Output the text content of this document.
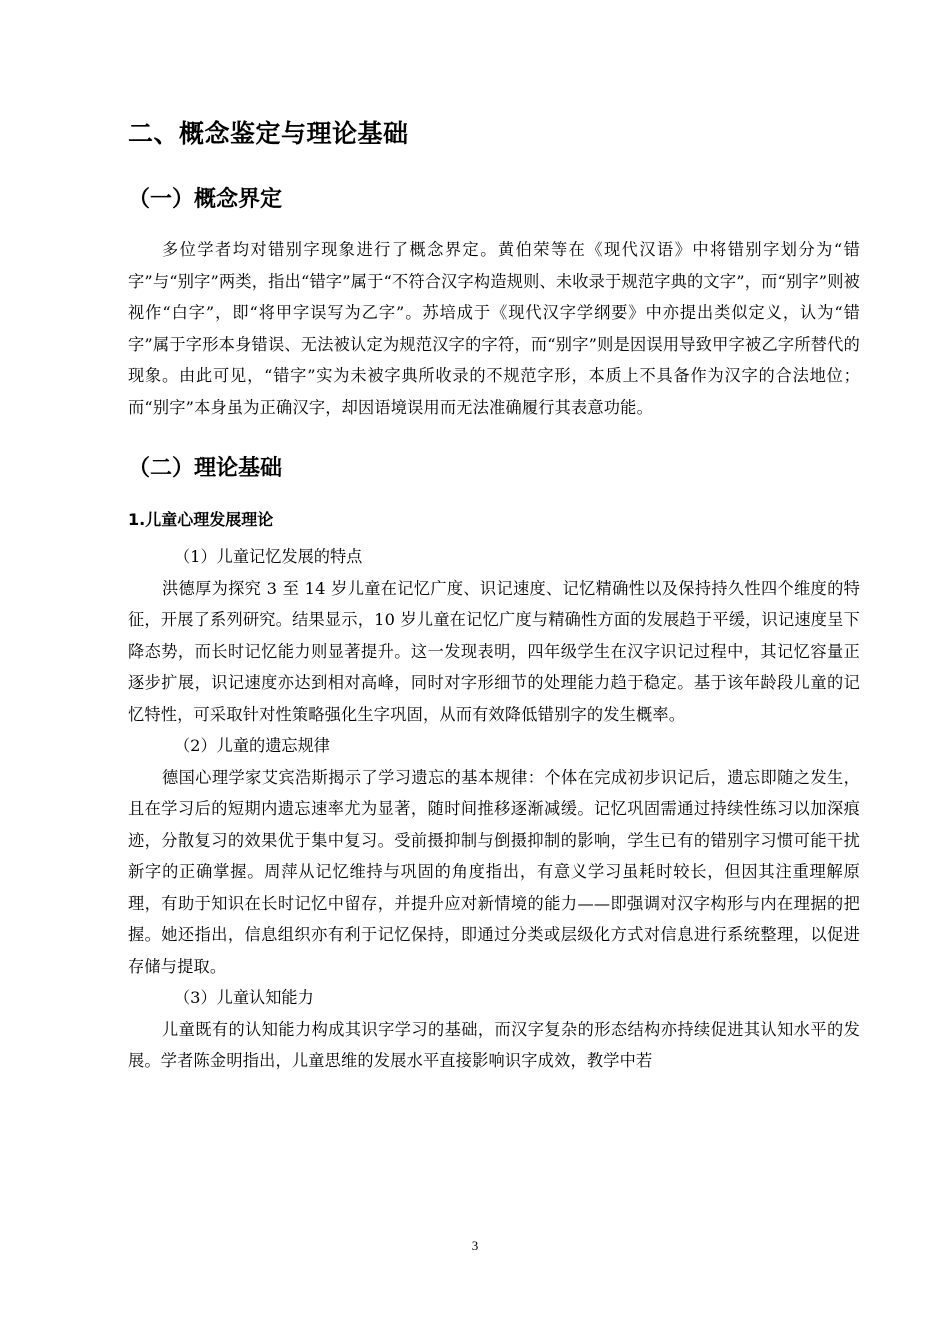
二、概念鉴定与理论基础
（一）概念界定

多位学者均对错别字现象进行了概念界定。黄伯荣等在《现代汉语》中将错别字划分为“错字”与“别字”两类，指出“错字”属于“不符合汉字构造规则、未收录于规范字典的文字”，而“别字”则被视作“白字”，即“将甲字误写为乙字”。苏培成于《现代汉字学纲要》中亦提出类似定义，认为“错字”属于字形本身错误、无法被认定为规范汉字的字符，而“别字”则是因误用导致甲字被乙字所替代的现象。由此可见，“错字”实为未被字典所收录的不规范字形，本质上不具备作为汉字的合法地位；而“别字”本身虽为正确汉字，却因语境误用而无法准确履行其表意功能。

（二）理论基础
1.儿童心理发展理论
（1）儿童记忆发展的特点

洪德厚为探究 3 至 14 岁儿童在记忆广度、识记速度、记忆精确性以及保持持久性四个维度的特征，开展了系列研究。结果显示，10 岁儿童在记忆广度与精确性方面的发展趋于平缓，识记速度呈下降态势，而长时记忆能力则显著提升。这一发现表明，四年级学生在汉字识记过程中，其记忆容量正逐步扩展，识记速度亦达到相对高峰，同时对字形细节的处理能力趋于稳定。基于该年龄段儿童的记忆特性，可采取针对性策略强化生字巩固，从而有效降低错别字的发生概率。

（2）儿童的遗忘规律

德国心理学家艾宾浩斯揭示了学习遗忘的基本规律：个体在完成初步识记后，遗忘即随之发生，且在学习后的短期内遗忘速率尤为显著，随时间推移逐渐减缓。记忆巩固需通过持续性练习以加深痕迹，分散复习的效果优于集中复习。受前摄抑制与倒摄抑制的影响，学生已有的错别字习惯可能干扰新字的正确掌握。周萍从记忆维持与巩固的角度指出，有意义学习虽耗时较长，但因其注重理解原理，有助于知识在长时记忆中留存，并提升应对新情境的能力——即强调对汉字构形与内在理据的把握。她还指出，信息组织亦有利于记忆保持，即通过分类或层级化方式对信息进行系统整理，以促进存储与提取。

（3）儿童认知能力

儿童既有的认知能力构成其识字学习的基础，而汉字复杂的形态结构亦持续促进其认知水平的发展。学者陈金明指出，儿童思维的发展水平直接影响识字成效，教学中若

3
